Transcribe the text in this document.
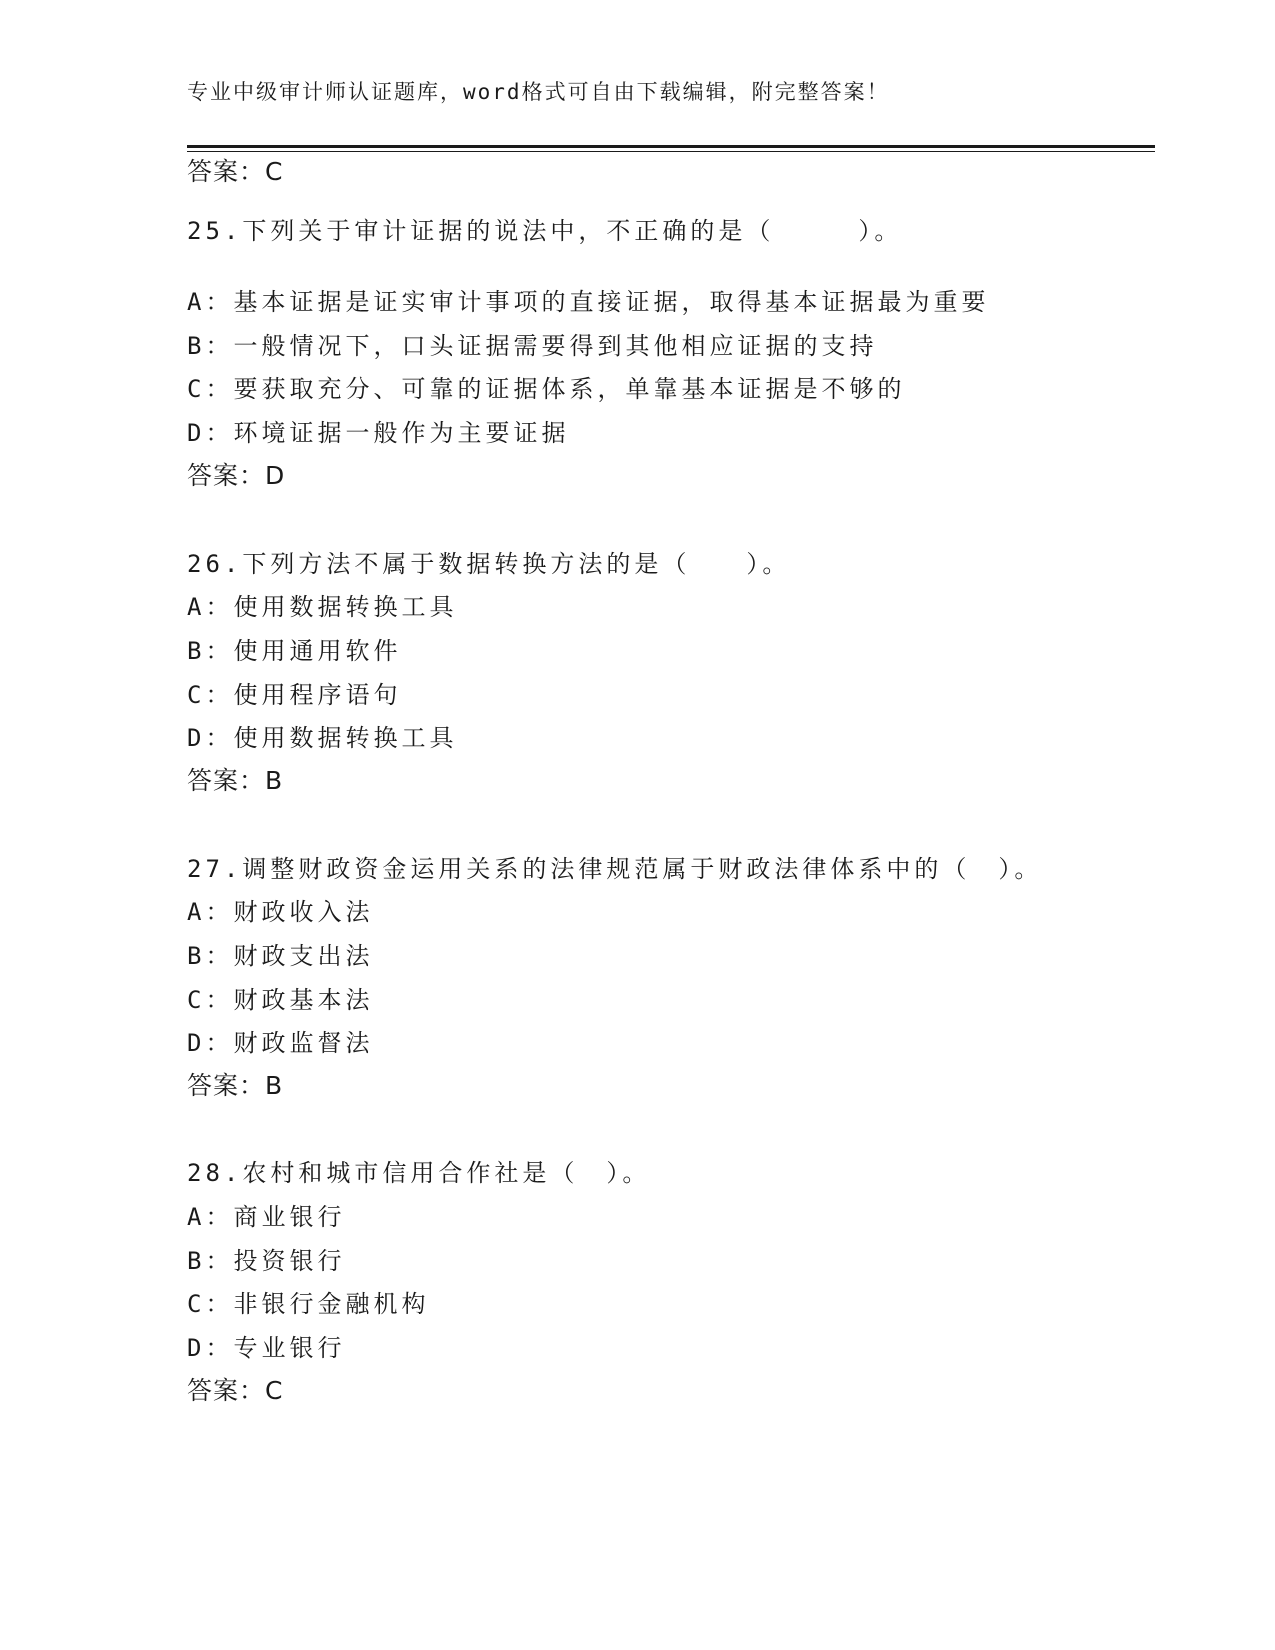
专业中级审计师认证题库，word格式可自由下载编辑，附完整答案！
答案：C
25.下列关于审计证据的说法中，不正确的是（　　　）。
A：基本证据是证实审计事项的直接证据，取得基本证据最为重要
B：一般情况下，口头证据需要得到其他相应证据的支持
C：要获取充分、可靠的证据体系，单靠基本证据是不够的
D：环境证据一般作为主要证据
答案：D
26.下列方法不属于数据转换方法的是（　　）。
A：使用数据转换工具
B：使用通用软件
C：使用程序语句
D：使用数据转换工具
答案：B
27.调整财政资金运用关系的法律规范属于财政法律体系中的（　）。
A：财政收入法
B：财政支出法
C：财政基本法
D：财政监督法
答案：B
28.农村和城市信用合作社是（　）。
A：商业银行
B：投资银行
C：非银行金融机构
D：专业银行
答案：C
